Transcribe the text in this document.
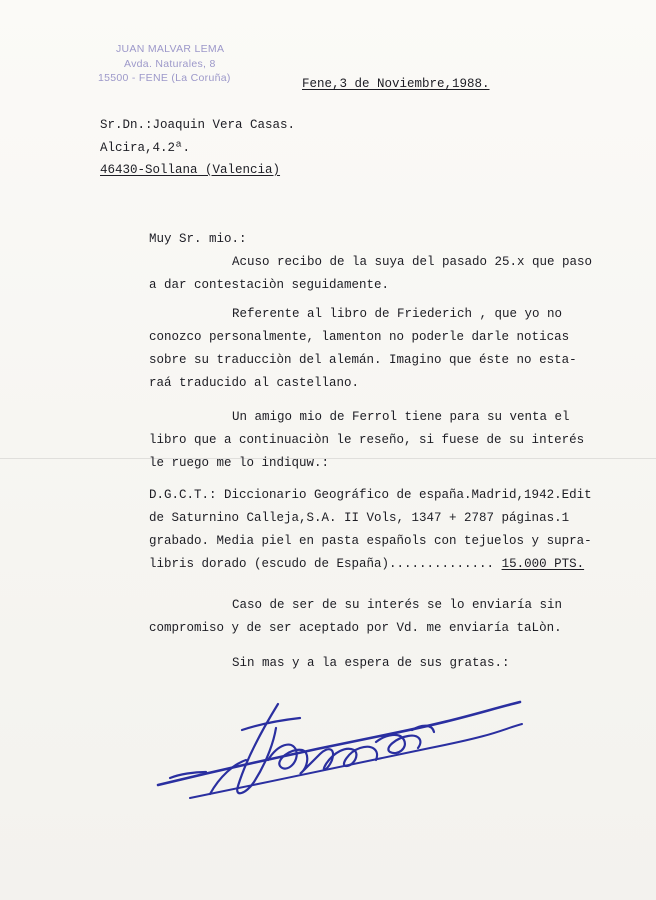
JUAN MALVAR LEMA
Avda. Naturales, 8
15500 - FENE (La Coruña)	Fene,3 de Noviembre,1988.
Sr.Dn.:Joaquin Vera Casas.
Alcira,4.2ª.
46430-Sollana (Valencia)
Muy Sr. mio.:
Acuso recibo de la suya del pasado 25.x que paso
a dar contestaciòn seguidamente.
Referente al libro de Friederich , que yo no
conozco personalmente, lamenton no poderle darle noticas
sobre su traducciòn del alemán. Imagino que éste no esta-
raá traducido al castellano.
Un amigo mio de Ferrol tiene para su venta el
libro que a continuaciòn le reseño, si fuese de su interés
le ruego me lo indiquw.:
D.G.C.T.: Diccionario Geográfico de españa.Madrid,1942.Edit
de Saturnino Calleja,S.A. II Vols, 1347 + 2787 páginas.1
grabado. Media piel en pasta españols con tejuelos y supra-
libris dorado (escudo de España).............. 15.000 PTS.
Caso de ser de su interés se lo enviaría sin
compromiso y de ser aceptado por Vd. me enviaría taLòn.
Sin mas y a la espera de sus gratas.:
